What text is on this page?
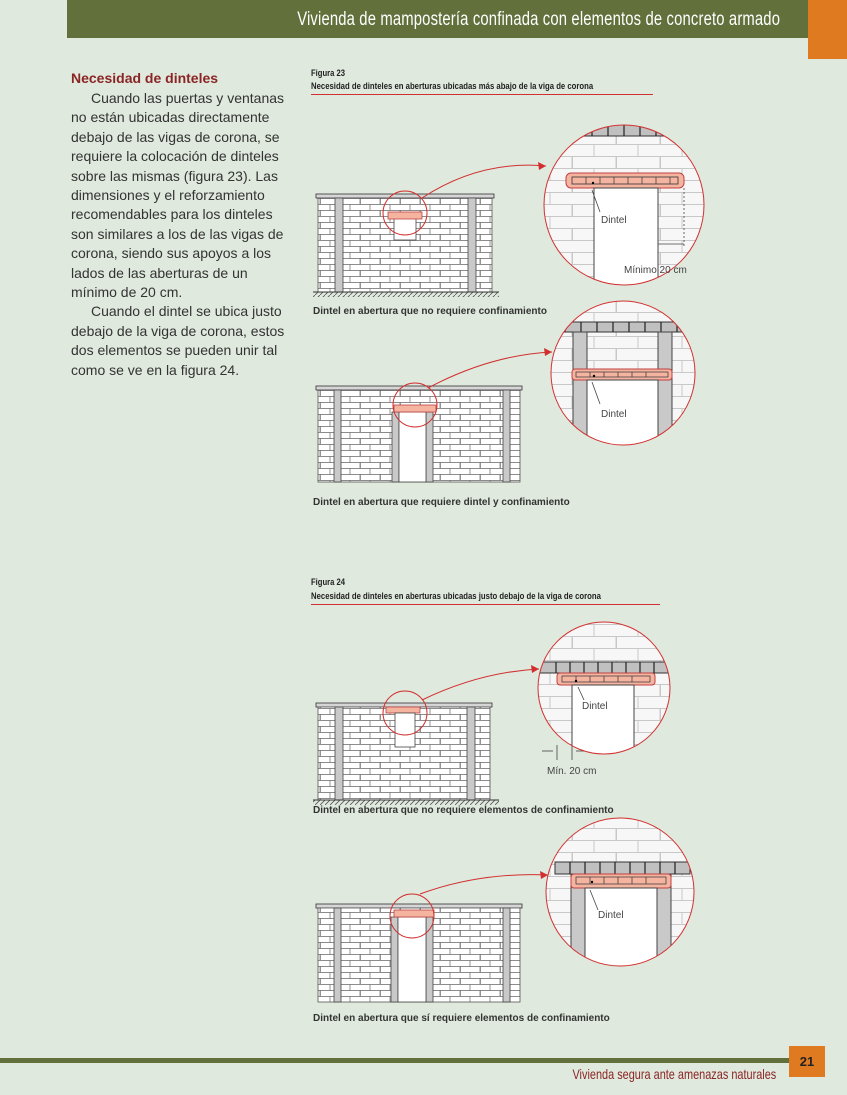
Vivienda de mampostería confinada con elementos de concreto armado
Necesidad de dinteles

Cuando las puertas y ventanas no están ubicadas directamente debajo de las vigas de corona, se requiere la colocación de dinteles sobre las mismas (figura 23). Las dimensiones y el reforzamiento recomendables para los dinteles son similares a los de las vigas de corona, siendo sus apoyos a los lados de las aberturas de un mínimo de 20 cm.

Cuando el dintel se ubica justo debajo de la viga de corona, estos dos elementos se pueden unir tal como se ve en la figura 24.

Figura 23
Necesidad de dinteles en aberturas ubicadas más abajo de la viga de corona
Figura 24
Necesidad de dinteles en aberturas ubicadas justo debajo de la viga de corona
Dintel
Mínimo 20 cm
Dintel en abertura que no requiere confinamiento
Dintel
Dintel en abertura que requiere dintel y confinamiento
Dintel
Mín. 20 cm
Dintel en abertura que no requiere elementos de confinamiento
Dintel
Dintel en abertura que sí requiere elementos de confinamiento
Vivienda segura ante amenazas naturales
21
